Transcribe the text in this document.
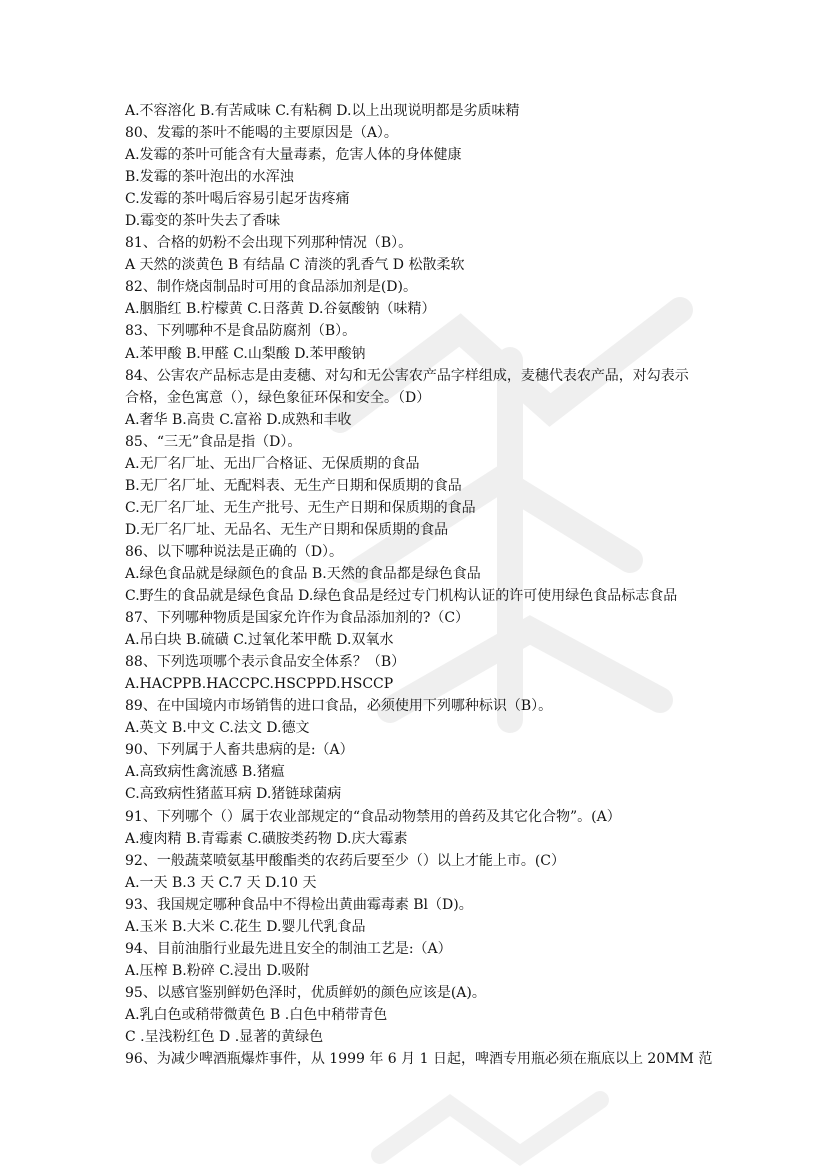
A.不容溶化 B.有苦咸味 C.有粘稠 D.以上出现说明都是劣质味精
80、发霉的茶叶不能喝的主要原因是（A）。
A.发霉的茶叶可能含有大量毒素，危害人体的身体健康
B.发霉的茶叶泡出的水浑浊
C.发霉的茶叶喝后容易引起牙齿疼痛
D.霉变的茶叶失去了香味
81、合格的奶粉不会出现下列那种情况（B）。
A 天然的淡黄色 B 有结晶 C 清淡的乳香气 D 松散柔软
82、制作烧卤制品时可用的食品添加剂是(D)。
A.胭脂红 B.柠檬黄 C.日落黄 D.谷氨酸钠（味精）
83、下列哪种不是食品防腐剂（B）。
A.苯甲酸 B.甲醛 C.山梨酸 D.苯甲酸钠
84、公害农产品标志是由麦穗、对勾和无公害农产品字样组成，麦穗代表农产品，对勾表示
合格，金色寓意（），绿色象征环保和安全。（D）
A.奢华 B.高贵 C.富裕 D.成熟和丰收
85、“三无”食品是指（D）。
A.无厂名厂址、无出厂合格证、无保质期的食品
B.无厂名厂址、无配料表、无生产日期和保质期的食品
C.无厂名厂址、无生产批号、无生产日期和保质期的食品
D.无厂名厂址、无品名、无生产日期和保质期的食品
86、以下哪种说法是正确的（D）。
A.绿色食品就是绿颜色的食品 B.天然的食品都是绿色食品
C.野生的食品就是绿色食品 D.绿色食品是经过专门机构认证的许可使用绿色食品标志食品
87、下列哪种物质是国家允许作为食品添加剂的?（C）
A.吊白块 B.硫磺 C.过氧化苯甲酰 D.双氧水
88、下列选项哪个表示食品安全体系？（B）
A.HACPPB.HACCPC.HSCPPD.HSCCP
89、在中国境内市场销售的进口食品，必须使用下列哪种标识（B）。
A.英文 B.中文 C.法文 D.德文
90、下列属于人畜共患病的是:（A）
A.高致病性禽流感 B.猪瘟
C.高致病性猪蓝耳病 D.猪链球菌病
91、下列哪个（）属于农业部规定的“食品动物禁用的兽药及其它化合物”。(A）
A.瘦肉精 B.青霉素 C.磺胺类药物 D.庆大霉素
92、一般蔬菜喷氨基甲酸酯类的农药后要至少（）以上才能上市。(C）
A.一天 B.3 天 C.7 天 D.10 天
93、我国规定哪种食品中不得检出黄曲霉毒素 Bl（D)。
A.玉米 B.大米 C.花生 D.婴儿代乳食品
94、目前油脂行业最先进且安全的制油工艺是:（A）
A.压榨 B.粉碎 C.浸出 D.吸附
95、以感官鉴别鲜奶色泽时，优质鲜奶的颜色应该是(A)。
A.乳白色或稍带微黄色 B .白色中稍带青色
C .呈浅粉红色 D .显著的黄绿色
96、为减少啤酒瓶爆炸事件，从 1999 年 6 月 1 日起，啤酒专用瓶必须在瓶底以上 20MM 范
